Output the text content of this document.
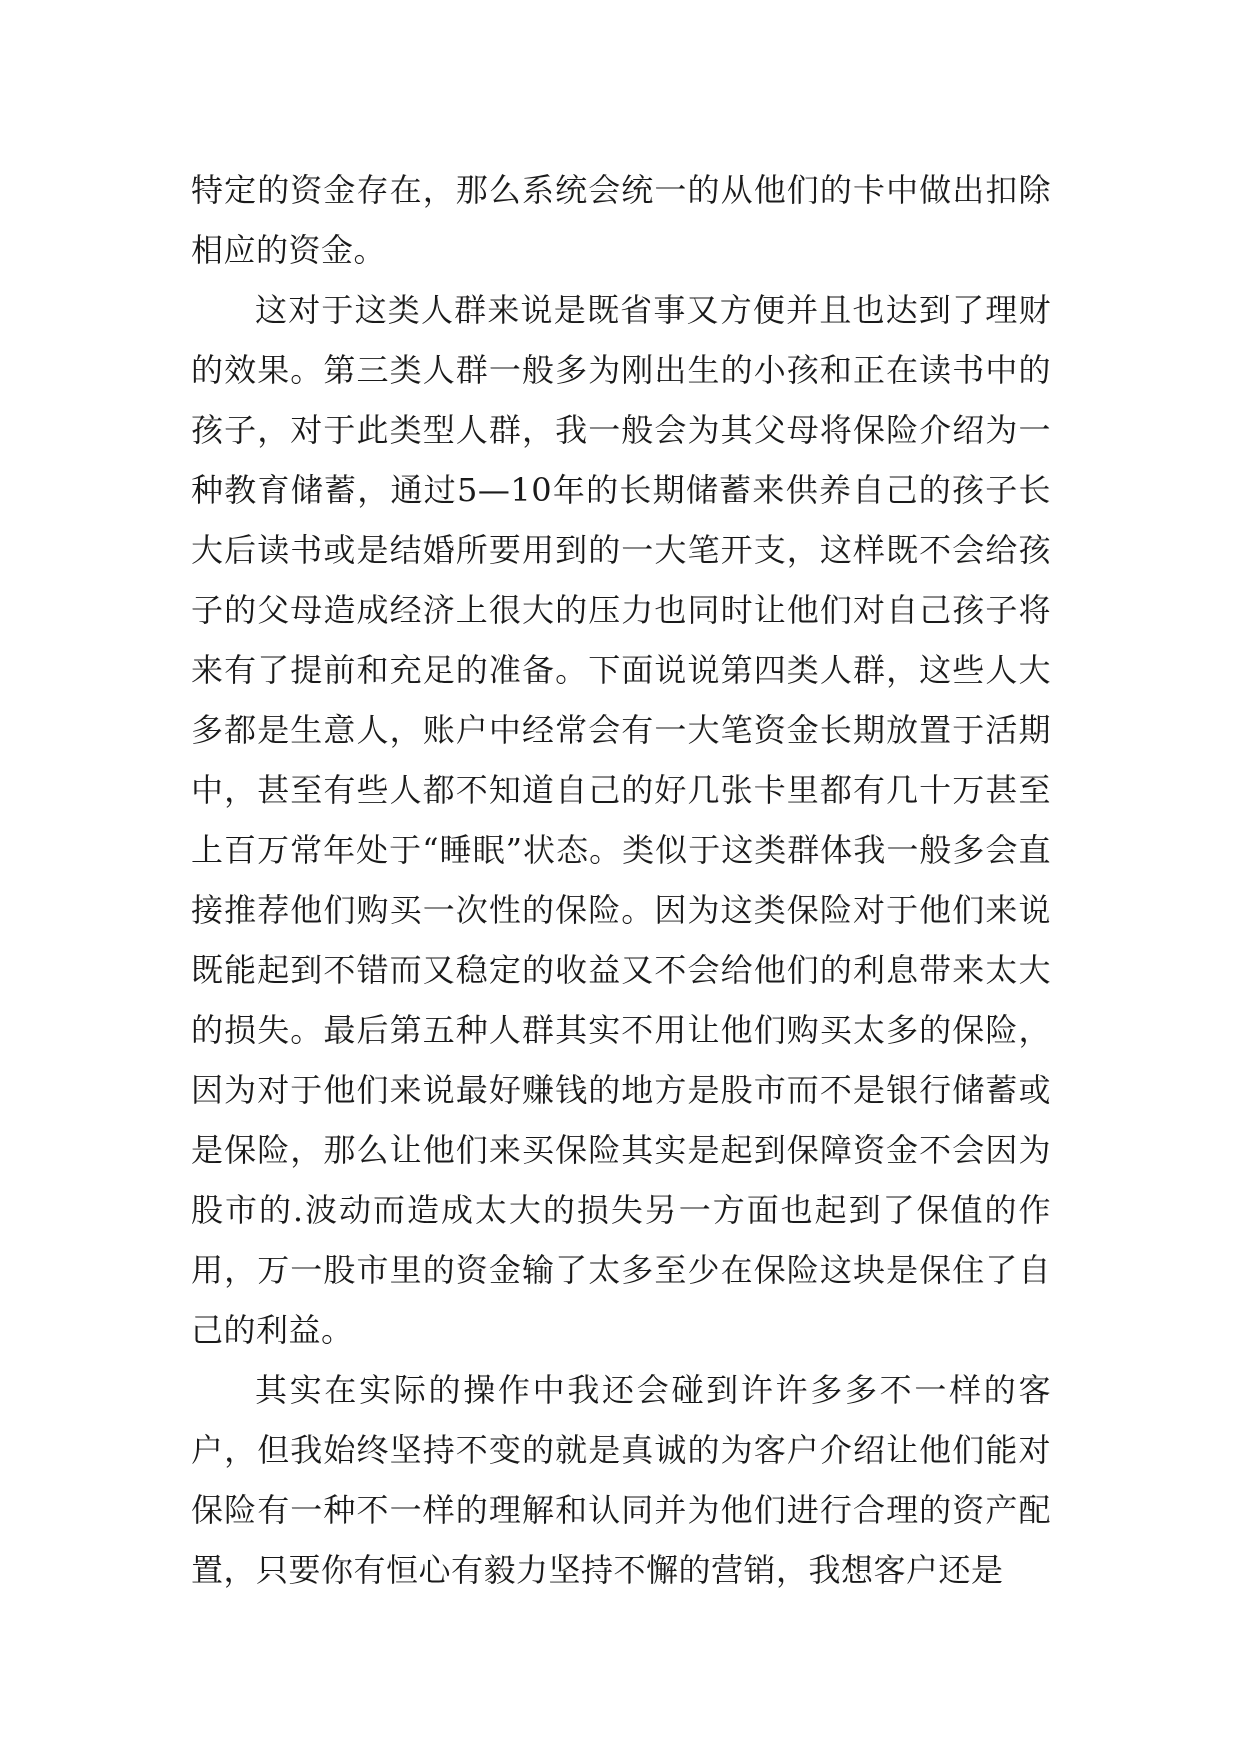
特定的资金存在，那么系统会统一的从他们的卡中做出扣除相应的资金。

这对于这类人群来说是既省事又方便并且也达到了理财的效果。第三类人群一般多为刚出生的小孩和正在读书中的孩子，对于此类型人群，我一般会为其父母将保险介绍为一种教育储蓄，通过5—10年的长期储蓄来供养自己的孩子长大后读书或是结婚所要用到的一大笔开支，这样既不会给孩子的父母造成经济上很大的压力也同时让他们对自己孩子将来有了提前和充足的准备。下面说说第四类人群，这些人大多都是生意人，账户中经常会有一大笔资金长期放置于活期中，甚至有些人都不知道自己的好几张卡里都有几十万甚至上百万常年处于“睡眠”状态。类似于这类群体我一般多会直接推荐他们购买一次性的保险。因为这类保险对于他们来说既能起到不错而又稳定的收益又不会给他们的利息带来太大的损失。最后第五种人群其实不用让他们购买太多的保险，因为对于他们来说最好赚钱的地方是股市而不是银行储蓄或是保险，那么让他们来买保险其实是起到保障资金不会因为股市的.波动而造成太大的损失另一方面也起到了保值的作用，万一股市里的资金输了太多至少在保险这块是保住了自己的利益。

其实在实际的操作中我还会碰到许许多多不一样的客户，但我始终坚持不变的就是真诚的为客户介绍让他们能对保险有一种不一样的理解和认同并为他们进行合理的资产配置，只要你有恒心有毅力坚持不懈的营销，我想客户还是
